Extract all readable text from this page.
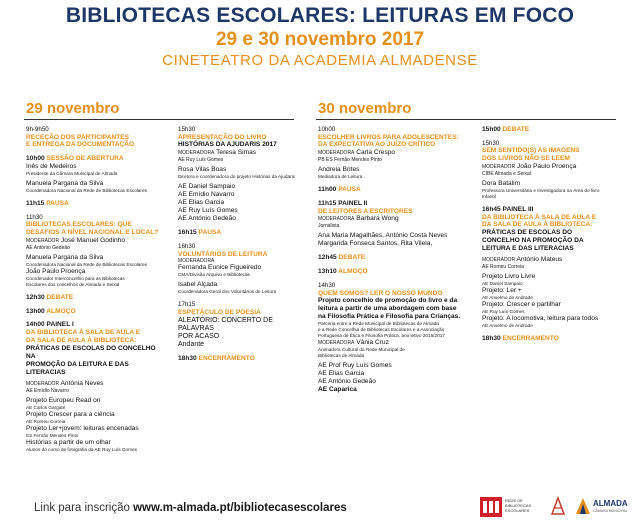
BIBLIOTECAS ESCOLARES: LEITURAS EM FOCO
29 e 30 novembro 2017
CINETEATRO DA ACADEMIA ALMADENSE
29 novembro	30 novembro
9h-9h50
RECEÇÃO DOS PARTICIPANTES
E ENTREGA DA DOCUMENTAÇÃO
10h00 SESSÃO DE ABERTURA
Inês de Medeiros
Presidente da Câmara Municipal de Almada
Manuela Pargana da Silva
Coordenadora Nacional da Rede de Bibliotecas Escolares
11h15 PAUSA
11h30
BIBLIOTECAS ESCOLARES: QUE
DESAFIOS A NÍVEL NACIONAL E LOCAL?
MODERADOR José Manuel Godinho
AE António Gedeão
Manuela Pargana da Silva
Coordenadora Nacional da Rede de Bibliotecas Escolares
João Paulo Proença
Coordenador Interconcelhio para as Bibliotecas
Escolares dos concelhos de Almada e Seixal
12h30 DEBATE
13h00 ALMOÇO
14h00 PAINEL I
DA BIBLIOTECA À SALA DE AULA E
DA SALA DE AULA À BIBLIOTECA:
PRÁTICAS DE ESCOLAS DO CONCELHO NA
PROMOÇÃO DA LEITURA E DAS LITERACIAS
MODERADOR Antónia Neves
AE Emídio Navarro
Projeto Europeu Read on
AE Carlos Gargaté
Projeto Crescer para a ciência
AE Romeu Correia
Projeto Ler+jovem: leituras encenadas
ES Fernão Mendes Pinto
Histórias a partir de um olhar
Alunos do curso de fotografia da AE Ruy Luís Gomes
15h30
APRESENTAÇÃO DO LIVRO
HISTÓRIAS DA AJUDARIS 2017
MODERADORA Teresa Simas
AE Ruy Luís Gomes
Rosa Vilas Boas
Diretora e coordenadora do projeto Histórias da Ajudaris
AE Daniel Sampaio
AE Emídio Navarro
AE Elias Garcia
AE Ruy Luís Gomes
AE António Gedeão
16h15 PAUSA
16h30
VOLUNTÁRIOS DE LEITURA
MODERADORA
Fernanda Eunice Figueiredo
CMA/Divisão Arquivo e Bibliotecas
Isabel Alçada
Coordenadora Geral dos Voluntários de Leitura
17h15
ESPETÁCULO DE POESIA
ALEATÓRIO: CONCERTO DE PALAVRAS
POR ACASO
Andante
18h30 ENCERRAMENTO
10h00
ESCOLHER LIVROS PARA ADOLESCENTES:
DA EXPECTATIVA AO JUÍZO CRÍTICO
MODERADORA Carla Crespo
PB ES Fernão Mendes Pinto
Andreia Brites
Mediadora de Leitura
11h00 PAUSA
11h15 PAINEL II
DE LEITORES A ESCRITORES
MODERADORA Barbara Wong
Jornalista
Ana Maria Magalhães, António Costa Neves
Margarida Fonseca Santos, Rita Vilela,
12h45 DEBATE
13h10 ALMOÇO
14h30
QUEM SOMOS? LER O NOSSO MUNDO
Projeto concelhio de promoção do livro e da
leitura a partir de uma abordagem com base
na Filosofia Prática e Filosofia para Crianças.
Parceria entre a Rede Municipal de Bibliotecas de Almada
e a Rede Concelhia de Bibliotecas Escolares e a Associação
Portuguesa de Ética e Filosofia Prática, ano letivo 2016/2017
MODERADORA Vânia Cruz
Animadora Cultural da Rede Municipal de
Bibliotecas de Almada
AE Prof Ruy Luís Gomes
AE Elias Garcia
AE António Gedeão
AE Caparica
15h00 DEBATE
15h30
SEM SENTIDO(S) AS IMAGENS
DOS LIVROS NÃO SE LEEM
MODERADOR João Paulo Proença
CIBE Almada e Seixal
Dora Batalim
Professora Universitária e Investigadora na Área do livro
Infantil
16h45 PAINEL III
DA BIBLIOTECA À SALA DE AULA E
DA SALA DE AULA À BIBLIOTECA:
PRÁTICAS DE ESCOLAS DO
CONCELHO NA PROMOÇÃO DA
LEITURA E DAS LITERACIAS
MODERADOR António Mateus
AE Romeu Correia
Projeto Livro Livre
AE Daniel Sampaio
Projeto: Ler +
AE Anselmo de Andrade
Projeto: Crescer e partilhar
AE Ruy Luís Gomes
Projeto: A locomotiva, leitura para todos
AE Anselmo de Andrade
18h30 ENCERRAMENTO
Link para inscrição www.m-almada.pt/bibliotecasescolares
REDE DE BIBLIOTECAS ESCOLARES
ALMADA
CÂMARA MUNICIPAL
